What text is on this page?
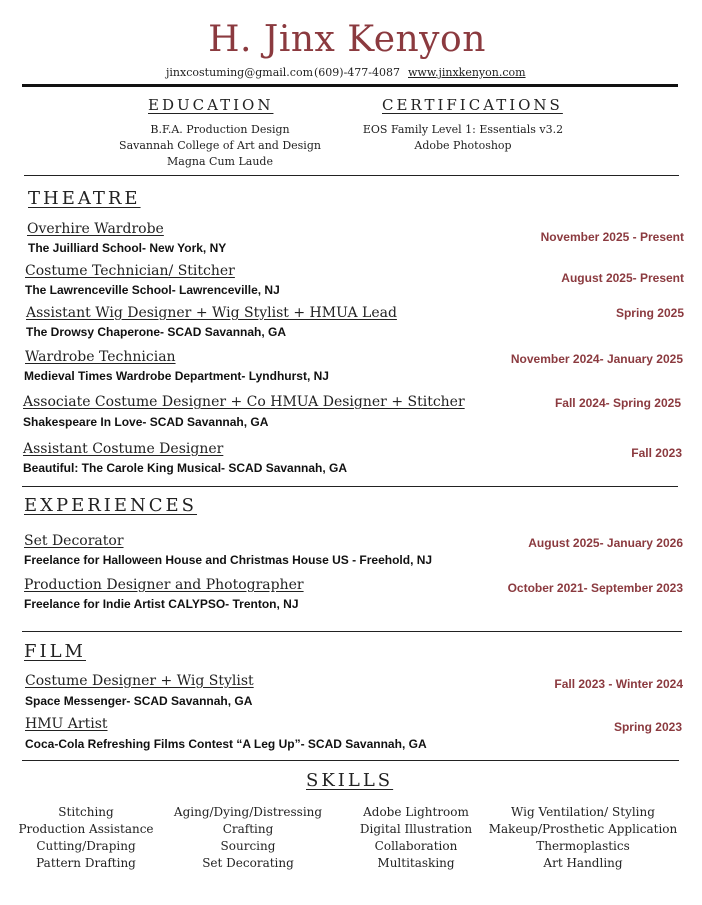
H. Jinx Kenyon
jinxcostuming@gmail.com (609)-477-4087 www.jinxkenyon.com
EDUCATION
B.F.A. Production Design
Savannah College of Art and Design
Magna Cum Laude
CERTIFICATIONS
EOS Family Level 1: Essentials v3.2
Adobe Photoshop
THEATRE
Overhire Wardrobe
The Juilliard School- New York, NY
November 2025 - Present
Costume Technician/ Stitcher
The Lawrenceville School- Lawrenceville, NJ
August 2025- Present
Assistant Wig Designer + Wig Stylist + HMUA Lead
The Drowsy Chaperone- SCAD Savannah, GA
Spring 2025
Wardrobe Technician
Medieval Times Wardrobe Department- Lyndhurst, NJ
November 2024- January 2025
Associate Costume Designer + Co HMUA Designer + Stitcher
Shakespeare In Love- SCAD Savannah, GA
Fall 2024- Spring 2025
Assistant Costume Designer
Beautiful: The Carole King Musical- SCAD Savannah, GA
Fall 2023
EXPERIENCES
Set Decorator
Freelance for Halloween House and Christmas House US - Freehold, NJ
August 2025- January 2026
Production Designer and Photographer
Freelance for Indie Artist CALYPSO- Trenton, NJ
October 2021- September 2023
FILM
Costume Designer + Wig Stylist
Space Messenger- SCAD Savannah, GA
Fall 2023 - Winter 2024
HMU Artist
Coca-Cola Refreshing Films Contest “A Leg Up”- SCAD Savannah, GA
Spring 2023
SKILLS
Stitching
Production Assistance
Cutting/Draping
Pattern Drafting
Aging/Dying/Distressing
Crafting
Sourcing
Set Decorating
Adobe Lightroom
Digital Illustration
Collaboration
Multitasking
Wig Ventilation/ Styling
Makeup/Prosthetic Application
Thermoplastics
Art Handling
